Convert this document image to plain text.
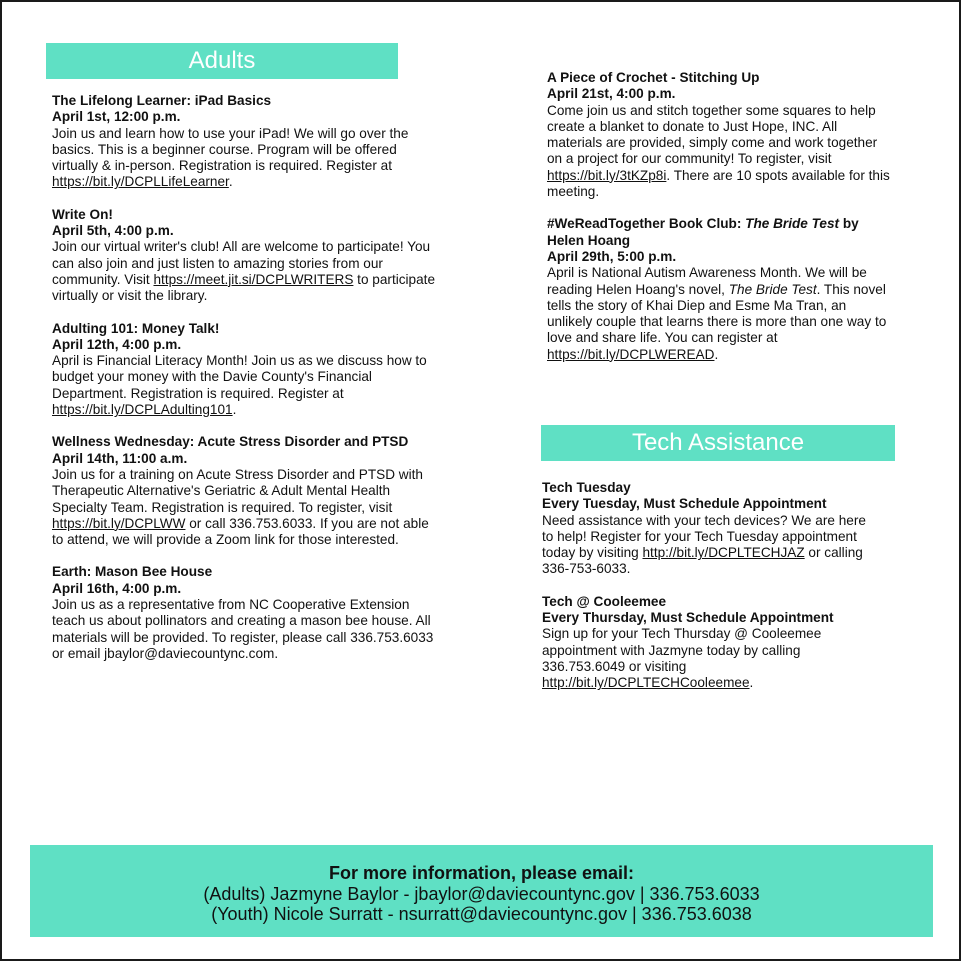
Adults
The Lifelong Learner: iPad Basics
April 1st, 12:00 p.m.
Join us and learn how to use your iPad! We will go over the basics. This is a beginner course. Program will be offered virtually & in-person. Registration is required. Register at https://bit.ly/DCPLLifeLearner.
Write On!
April 5th, 4:00 p.m.
Join our virtual writer's club! All are welcome to participate! You can also join and just listen to amazing stories from our community. Visit https://meet.jit.si/DCPLWRITERS to participate virtually or visit the library.
Adulting 101: Money Talk!
April 12th, 4:00 p.m.
April is Financial Literacy Month! Join us as we discuss how to budget your money with the Davie County's Financial Department. Registration is required. Register at https://bit.ly/DCPLAdulting101.
Wellness Wednesday: Acute Stress Disorder and PTSD
April 14th, 11:00 a.m.
Join us for a training on Acute Stress Disorder and PTSD with Therapeutic Alternative's Geriatric & Adult Mental Health Specialty Team. Registration is required. To register, visit https://bit.ly/DCPLWW or call 336.753.6033. If you are not able to attend, we will provide a Zoom link for those interested.
Earth: Mason Bee House
April 16th, 4:00 p.m.
Join us as a representative from NC Cooperative Extension teach us about pollinators and creating a mason bee house. All materials will be provided. To register, please call 336.753.6033 or email jbaylor@daviecountync.com.
A Piece of Crochet - Stitching Up
April 21st, 4:00 p.m.
Come join us and stitch together some squares to help create a blanket to donate to Just Hope, INC. All materials are provided, simply come and work together on a project for our community! To register, visit https://bit.ly/3tKZp8i. There are 10 spots available for this meeting.
#WeReadTogether Book Club: The Bride Test by Helen Hoang
April 29th, 5:00 p.m.
April is National Autism Awareness Month. We will be reading Helen Hoang's novel, The Bride Test. This novel tells the story of Khai Diep and Esme Ma Tran, an unlikely couple that learns there is more than one way to love and share life. You can register at https://bit.ly/DCPLWEREAD.
Tech Assistance
Tech Tuesday
Every Tuesday, Must Schedule Appointment
Need assistance with your tech devices? We are here to help! Register for your Tech Tuesday appointment today by visiting http://bit.ly/DCPLTECHJAZ or calling 336-753-6033.
Tech @ Cooleemee
Every Thursday, Must Schedule Appointment
Sign up for your Tech Thursday @ Cooleemee appointment with Jazmyne today by calling 336.753.6049 or visiting http://bit.ly/DCPLTECHCooleemee.
For more information, please email:
(Adults) Jazmyne Baylor - jbaylor@daviecountync.gov | 336.753.6033
(Youth) Nicole Surratt - nsurratt@daviecountync.gov | 336.753.6038
